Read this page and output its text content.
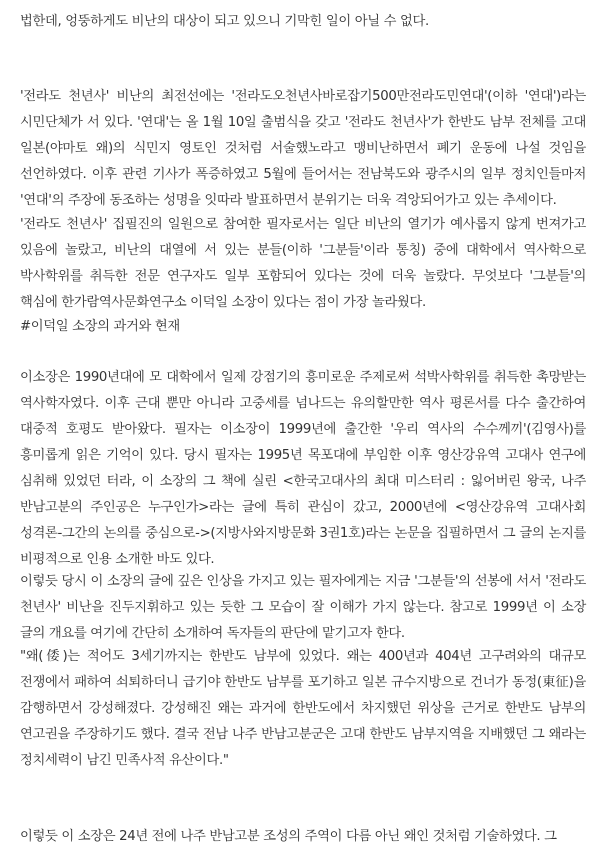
법한데, 엉뚱하게도 비난의 대상이 되고 있으니 기막힌 일이 아닐 수 없다.

'전라도 천년사' 비난의 최전선에는 '전라도오천년사바로잡기500만전라도민연대'(이하 '연대')라는 시민단체가 서 있다. '연대'는 올 1월 10일 출범식을 갖고 '전라도 천년사'가 한반도 남부 전체를 고대 일본(야마토 왜)의 식민지 영토인 것처럼 서술했노라고 맹비난하면서 폐기 운동에 나설 것임을 선언하였다. 이후 관련 기사가 폭증하였고 5월에 들어서는 전남북도와 광주시의 일부 정치인들마저 '연대'의 주장에 동조하는 성명을 잇따라 발표하면서 분위기는 더욱 격앙되어가고 있는 추세이다.

'전라도 천년사' 집필진의 일원으로 참여한 필자로서는 일단 비난의 열기가 예사롭지 않게 번져가고 있음에 놀랐고, 비난의 대열에 서 있는 분들(이하 '그분들'이라 통칭) 중에 대학에서 역사학으로 박사학위를 취득한 전문 연구자도 일부 포함되어 있다는 것에 더욱 놀랐다. 무엇보다 '그분들'의 핵심에 한가람역사문화연구소 이덕일 소장이 있다는 점이 가장 놀라웠다.

#이덕일 소장의 과거와 현재

이소장은 1990년대에 모 대학에서 일제 강점기의 흥미로운 주제로써 석박사학위를 취득한 촉망받는 역사학자였다. 이후 근대 뿐만 아니라 고중세를 넘나드는 유의할만한 역사 평론서를 다수 출간하여 대중적 호평도 받아왔다. 필자는 이소장이 1999년에 출간한 '우리 역사의 수수께끼'(김영사)를 흥미롭게 읽은 기억이 있다. 당시 필자는 1995년 목포대에 부임한 이후 영산강유역 고대사 연구에 심취해 있었던 터라, 이 소장의 그 책에 실린 <한국고대사의 최대 미스터리 : 잃어버린 왕국, 나주 반남고분의 주인공은 누구인가>라는 글에 특히 관심이 갔고, 2000년에 <영산강유역 고대사회 성격론-그간의 논의를 중심으로->(지방사와지방문화 3권1호)라는 논문을 집필하면서 그 글의 논지를 비평적으로 인용 소개한 바도 있다.

이렇듯 당시 이 소장의 글에 깊은 인상을 가지고 있는 필자에게는 지금 '그분들'의 선봉에 서서 '전라도 천년사' 비난을 진두지휘하고 있는 듯한 그 모습이 잘 이해가 가지 않는다. 참고로 1999년 이 소장 글의 개요를 여기에 간단히 소개하여 독자들의 판단에 맡기고자 한다.

"왜(倭)는 적어도 3세기까지는 한반도 남부에 있었다. 왜는 400년과 404년 고구려와의 대규모 전쟁에서 패하여 쇠퇴하더니 급기야 한반도 남부를 포기하고 일본 규수지방으로 건너가 동정(東征)을 감행하면서 강성해졌다. 강성해진 왜는 과거에 한반도에서 차지했던 위상을 근거로 한반도 남부의 연고권을 주장하기도 했다. 결국 전남 나주 반남고분군은 고대 한반도 남부지역을 지배했던 그 왜라는 정치세력이 남긴 민족사적 유산이다."

이렇듯 이 소장은 24년 전에 나주 반남고분 조성의 주역이 다름 아닌 왜인 것처럼 기술하였다. 그
